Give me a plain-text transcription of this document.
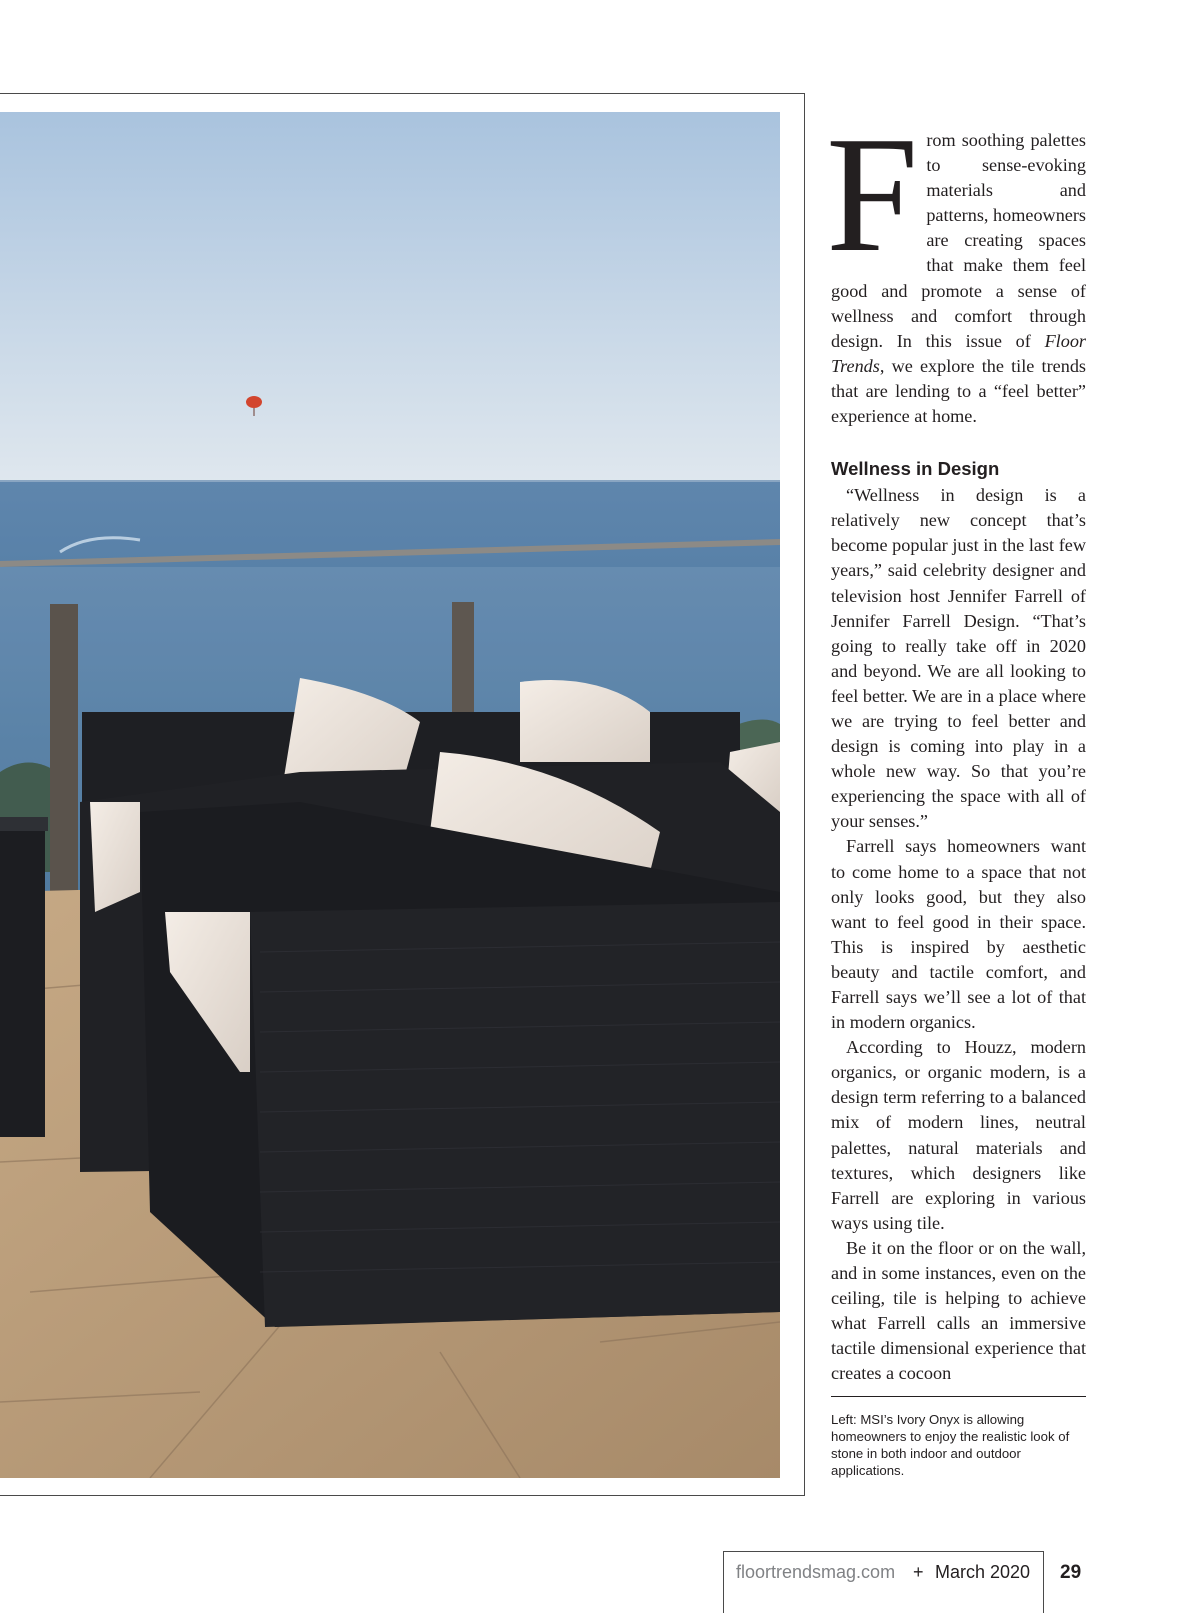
From soothing palettes to sense-evoking materials and patterns, homeowners are creating spaces that make them feel good and promote a sense of wellness and comfort through design. In this issue of Floor Trends, we explore the tile trends that are lending to a “feel better” experience at home.

Wellness in Design

“Wellness in design is a relatively new concept that’s become popular just in the last few years,” said celebrity designer and television host Jennifer Farrell of Jennifer Farrell Design. “That’s going to really take off in 2020 and beyond. We are all looking to feel better. We are in a place where we are trying to feel better and design is coming into play in a whole new way. So that you’re experiencing the space with all of your senses.”

Farrell says homeowners want to come home to a space that not only looks good, but they also want to feel good in their space. This is inspired by aesthetic beauty and tactile comfort, and Farrell says we’ll see a lot of that in modern organics.

According to Houzz, modern organics, or organic modern, is a design term referring to a balanced mix of modern lines, neutral palettes, natural materials and textures, which designers like Farrell are exploring in various ways using tile.

Be it on the floor or on the wall, and in some instances, even on the ceiling, tile is helping to achieve what Farrell calls an immersive tactile dimensional experience that creates a cocoon

Left: MSI’s Ivory Onyx is allowing homeowners to enjoy the realistic look of stone in both indoor and outdoor applications.
floortrendsmag.com + March 2020 29
